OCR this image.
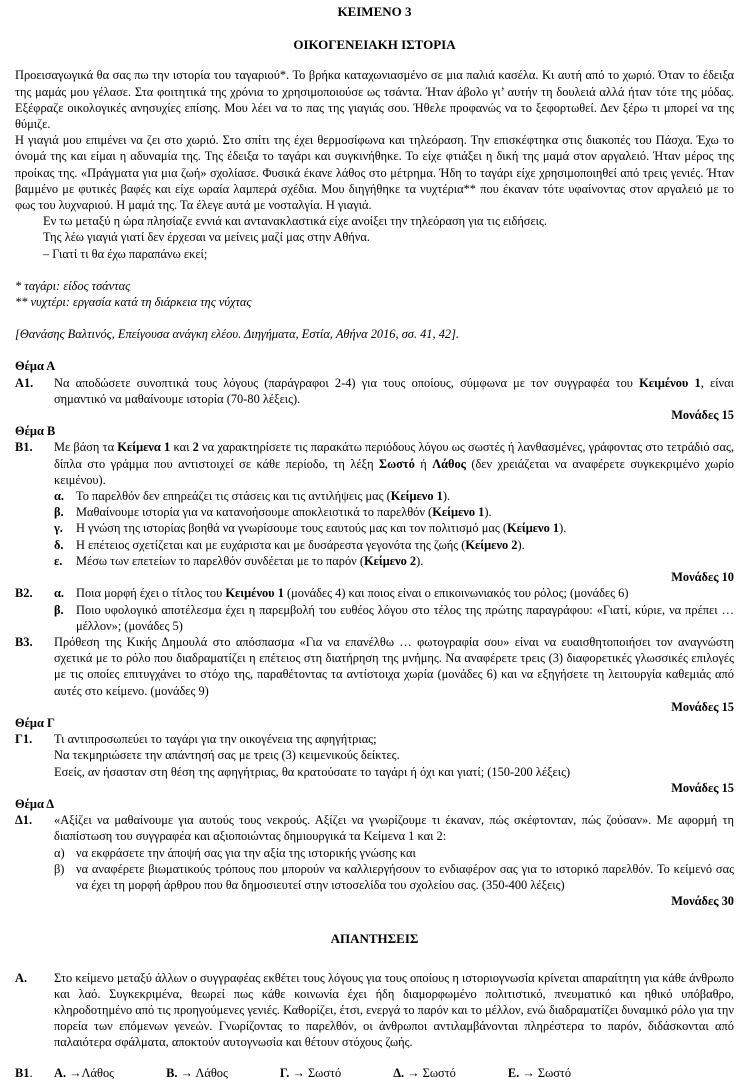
ΚΕΙΜΕΝΟ 3

ΟΙΚΟΓΕΝΕΙΑΚΗ ΙΣΤΟΡΙΑ

Προεισαγωγικά θα σας πω την ιστορία του ταγαριού*. Το βρήκα καταχωνιασμένο σε μια παλιά κασέλα. Κι αυτή από το χωριό. Όταν το έδειξα της μαμάς μου γέλασε. Στα φοιτητικά της χρόνια το χρησιμοποιούσε ως τσάντα. Ήταν άβολο γι’ αυτήν τη δουλειά αλλά ήταν τότε της μόδας. Εξέφραζε οικολογικές ανησυχίες επίσης. Μου λέει να το πας της γιαγιάς σου. Ήθελε προφανώς να το ξεφορτωθεί. Δεν ξέρω τι μπορεί να της θύμιζε.

Η γιαγιά μου επιμένει να ζει στο χωριό. Στο σπίτι της έχει θερμοσίφωνα και τηλεόραση. Την επισκέφτηκα στις διακοπές του Πάσχα. Έχω το όνομά της και είμαι η αδυναμία της. Της έδειξα το ταγάρι και συγκινήθηκε. Το είχε φτιάξει η δική της μαμά στον αργαλειό. Ήταν μέρος της προίκας της. «Πράγματα για μια ζωή» σχολίασε. Φυσικά έκανε λάθος στο μέτρημα. Ήδη το ταγάρι είχε χρησιμοποιηθεί από τρεις γενιές. Ήταν βαμμένο με φυτικές βαφές και είχε ωραία λαμπερά σχέδια. Μου διηγήθηκε τα νυχτέρια** που έκαναν τότε υφαίνοντας στον αργαλειό με το φως του λυχναριού. Η μαμά της. Τα έλεγε αυτά με νοσταλγία. Η γιαγιά.

Εν τω μεταξύ η ώρα πλησίαζε εννιά και αντανακλαστικά είχε ανοίξει την τηλεόραση για τις ειδήσεις.

Της λέω γιαγιά γιατί δεν έρχεσαι να μείνεις μαζί μας στην Αθήνα.

– Γιατί τι θα έχω παραπάνω εκεί;

* ταγάρι: είδος τσάντας

** νυχτέρι: εργασία κατά τη διάρκεια της νύχτας

[Θανάσης Βαλτινός, Επείγουσα ανάγκη ελέου. Διηγήματα, Εστία, Αθήνα 2016, σσ. 41, 42].

Θέμα Α

Α1.	Να αποδώσετε συνοπτικά τους λόγους (παράγραφοι 2-4) για τους οποίους, σύμφωνα με τον συγγραφέα του Κειμένου 1, είναι σημαντικό να μαθαίνουμε ιστορία (70-80 λέξεις).

Μονάδες 15

Θέμα Β

Β1.	Με βάση τα Κείμενα 1 και 2 να χαρακτηρίσετε τις παρακάτω περιόδους λόγου ως σωστές ή λανθασμένες, γράφοντας στο τετράδιό σας, δίπλα στο γράμμα που αντιστοιχεί σε κάθε περίοδο, τη λέξη Σωστό ή Λάθος (δεν χρειάζεται να αναφέρετε συγκεκριμένο χωρίο κειμένου).
α. Το παρελθόν δεν επηρεάζει τις στάσεις και τις αντιλήψεις μας (Κείμενο 1).
β. Μαθαίνουμε ιστορία για να κατανοήσουμε αποκλειστικά το παρελθόν (Κείμενο 1).
γ.	Η γνώση της ιστορίας βοηθά να γνωρίσουμε τους εαυτούς μας και τον πολιτισμό μας (Κείμενο 1).
δ.	Η επέτειος σχετίζεται και με ευχάριστα και με δυσάρεστα γεγονότα της ζωής (Κείμενο 2).
ε.	Μέσω των επετείων το παρελθόν συνδέεται με το παρόν (Κείμενο 2).

Μονάδες 10

Β2.	α. Ποια μορφή έχει ο τίτλος του Κειμένου 1 (μονάδες 4) και ποιος είναι ο επικοινωνιακός του ρόλος; (μονάδες 6)
β. Ποιο υφολογικό αποτέλεσμα έχει η παρεμβολή του ευθέος λόγου στο τέλος της πρώτης παραγράφου: «Γιατί, κύριε, να πρέπει … μέλλον»; (μονάδες 5)
Β3.	Πρόθεση της Κικής Δημουλά στο απόσπασμα «Για να επανέλθω … φωτογραφία σου» είναι να ευαισθητοποιήσει τον αναγνώστη σχετικά με το ρόλο που διαδραματίζει η επέτειος στη διατήρηση της μνήμης. Να αναφέρετε τρεις (3) διαφορετικές γλωσσικές επιλογές με τις οποίες επιτυγχάνει το στόχο της, παραθέτοντας τα αντίστοιχα χωρία (μονάδες 6) και να εξηγήσετε τη λειτουργία καθεμιάς από αυτές στο κείμενο. (μονάδες 9)

Μονάδες 15

Θέμα Γ

Γ1.	Τι αντιπροσωπεύει το ταγάρι για την οικογένεια της αφηγήτριας;
Να τεκμηριώσετε την απάντησή σας με τρεις (3) κειμενικούς δείκτες.
Εσείς, αν ήσασταν στη θέση της αφηγήτριας, θα κρατούσατε το ταγάρι ή όχι και γιατί; (150-200 λέξεις)

Μονάδες 15

Θέμα Δ

Δ1.	«Αξίζει να μαθαίνουμε για αυτούς τους νεκρούς. Αξίζει να γνωρίζουμε τι έκαναν, πώς σκέφτονταν, πώς ζούσαν». Με αφορμή τη διαπίστωση του συγγραφέα και αξιοποιώντας δημιουργικά τα Κείμενα 1 και 2:
α) να εκφράσετε την άποψή σας για την αξία της ιστορικής γνώσης και
β) να αναφέρετε βιωματικούς τρόπους που μπορούν να καλλιεργήσουν το ενδιαφέρον σας για το ιστορικό παρελθόν. Το κείμενό σας να έχει τη μορφή άρθρου που θα δημοσιευτεί στην ιστοσελίδα του σχολείου σας. (350-400 λέξεις)

Μονάδες 30

ΑΠΑΝΤΗΣΕΙΣ

Α.	Στο κείμενο μεταξύ άλλων ο συγγραφέας εκθέτει τους λόγους για τους οποίους η ιστοριογνωσία κρίνεται απαραίτητη για κάθε άνθρωπο και λαό. Συγκεκριμένα, θεωρεί πως κάθε κοινωνία έχει ήδη διαμορφωμένο πολιτιστικό, πνευματικό και ηθικό υπόβαθρο, κληροδοτημένο από τις προηγούμενες γενιές. Καθορίζει, έτσι, ενεργά το παρόν και το μέλλον, ενώ διαδραματίζει δυναμικό ρόλο για την πορεία των επόμενων γενεών. Γνωρίζοντας το παρελθόν, οι άνθρωποι αντιλαμβάνονται πληρέστερα το παρόν, διδάσκονται από παλαιότερα σφάλματα, αποκτούν αυτογνωσία και θέτουν στόχους ζωής.
Β1.	Α. →Λάθος	Β. → Λάθος	Γ. → Σωστό	Δ. → Σωστό	Ε. → Σωστό
